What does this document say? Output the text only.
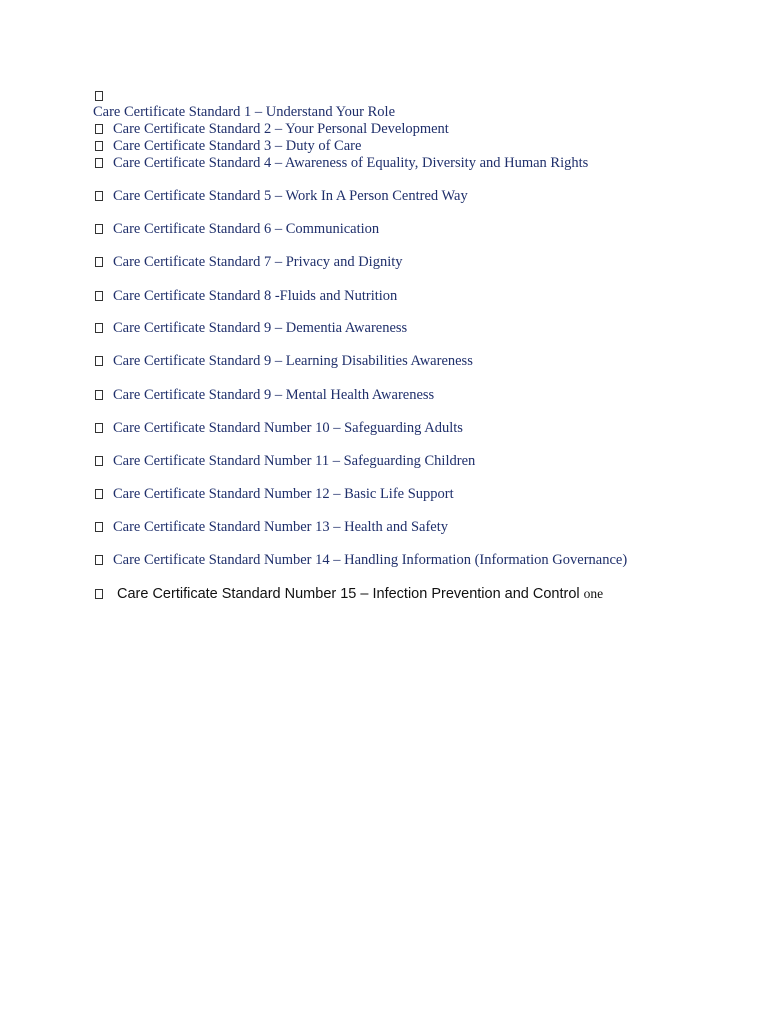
Care Certificate Standard 1 – Understand Your Role
Care Certificate Standard 2 – Your Personal Development
Care Certificate Standard 3 – Duty of Care
Care Certificate Standard 4 – Awareness of Equality, Diversity and Human Rights
Care Certificate Standard 5 – Work In A Person Centred Way
Care Certificate Standard 6 – Communication
Care Certificate Standard 7 – Privacy and Dignity
Care Certificate Standard 8 -Fluids and Nutrition
Care Certificate Standard 9 – Dementia Awareness
Care Certificate Standard 9 – Learning Disabilities Awareness
Care Certificate Standard 9 – Mental Health Awareness
Care Certificate Standard Number 10 – Safeguarding Adults
Care Certificate Standard Number 11 – Safeguarding Children
Care Certificate Standard Number 12 – Basic Life Support
Care Certificate Standard Number 13 – Health and Safety
Care Certificate Standard Number 14 – Handling Information (Information Governance)
Care Certificate Standard Number 15 – Infection Prevention and Control one
